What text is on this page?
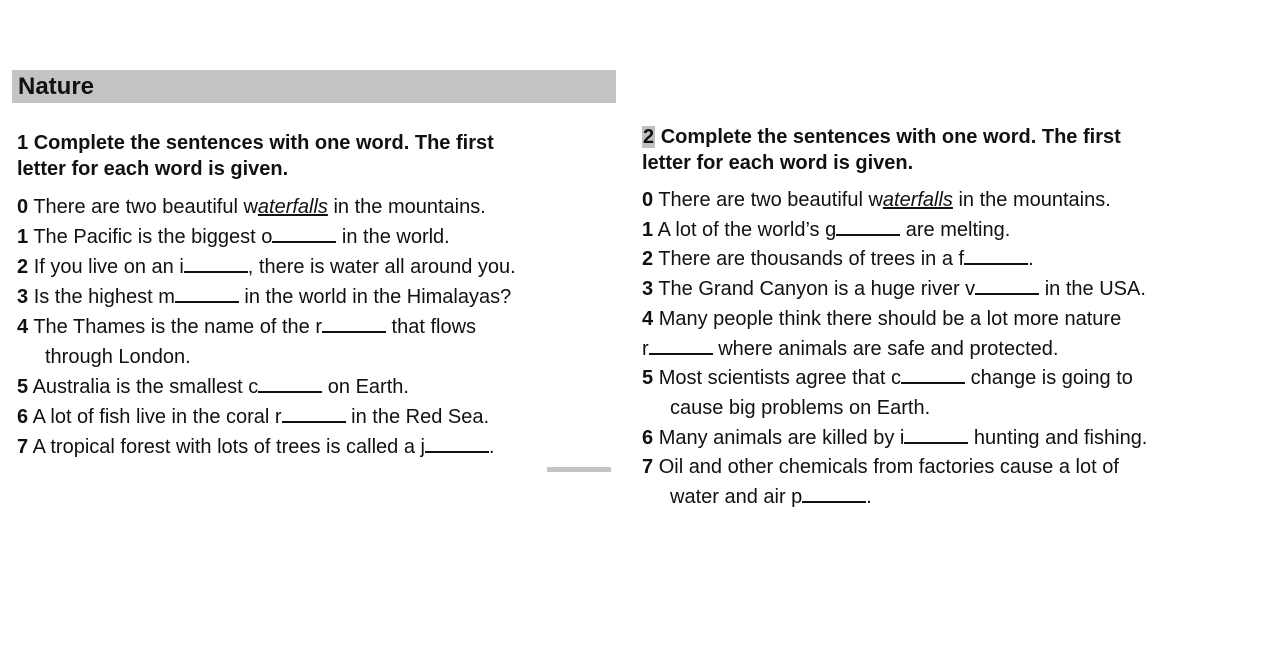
Nature
1 Complete the sentences with one word. The first
letter for each word is given.
0 There are two beautiful waterfalls in the mountains.
1 The Pacific is the biggest o	in the world.
2 If you live on an i	, there is water all around you.
3 Is the highest m	in the world in the Himalayas?
4 The Thames is the name of the r	that flows
through London.
5 Australia is the smallest c	on Earth.
6 A lot of fish live in the coral r	in the Red Sea.
7 A tropical forest with lots of trees is called a j	.
2 Complete the sentences with one word. The first
letter for each word is given.
0 There are two beautiful waterfalls in the mountains.
1 A lot of the world’s g	are melting.
2 There are thousands of trees in a f	.
3 The Grand Canyon is a huge river v	in the USA.
4 Many people think there should be a lot more nature
r	where animals are safe and protected.
5 Most scientists agree that c	change is going to
cause big problems on Earth.
6 Many animals are killed by i	hunting and fishing.
7 Oil and other chemicals from factories cause a lot of
water and air p	.
